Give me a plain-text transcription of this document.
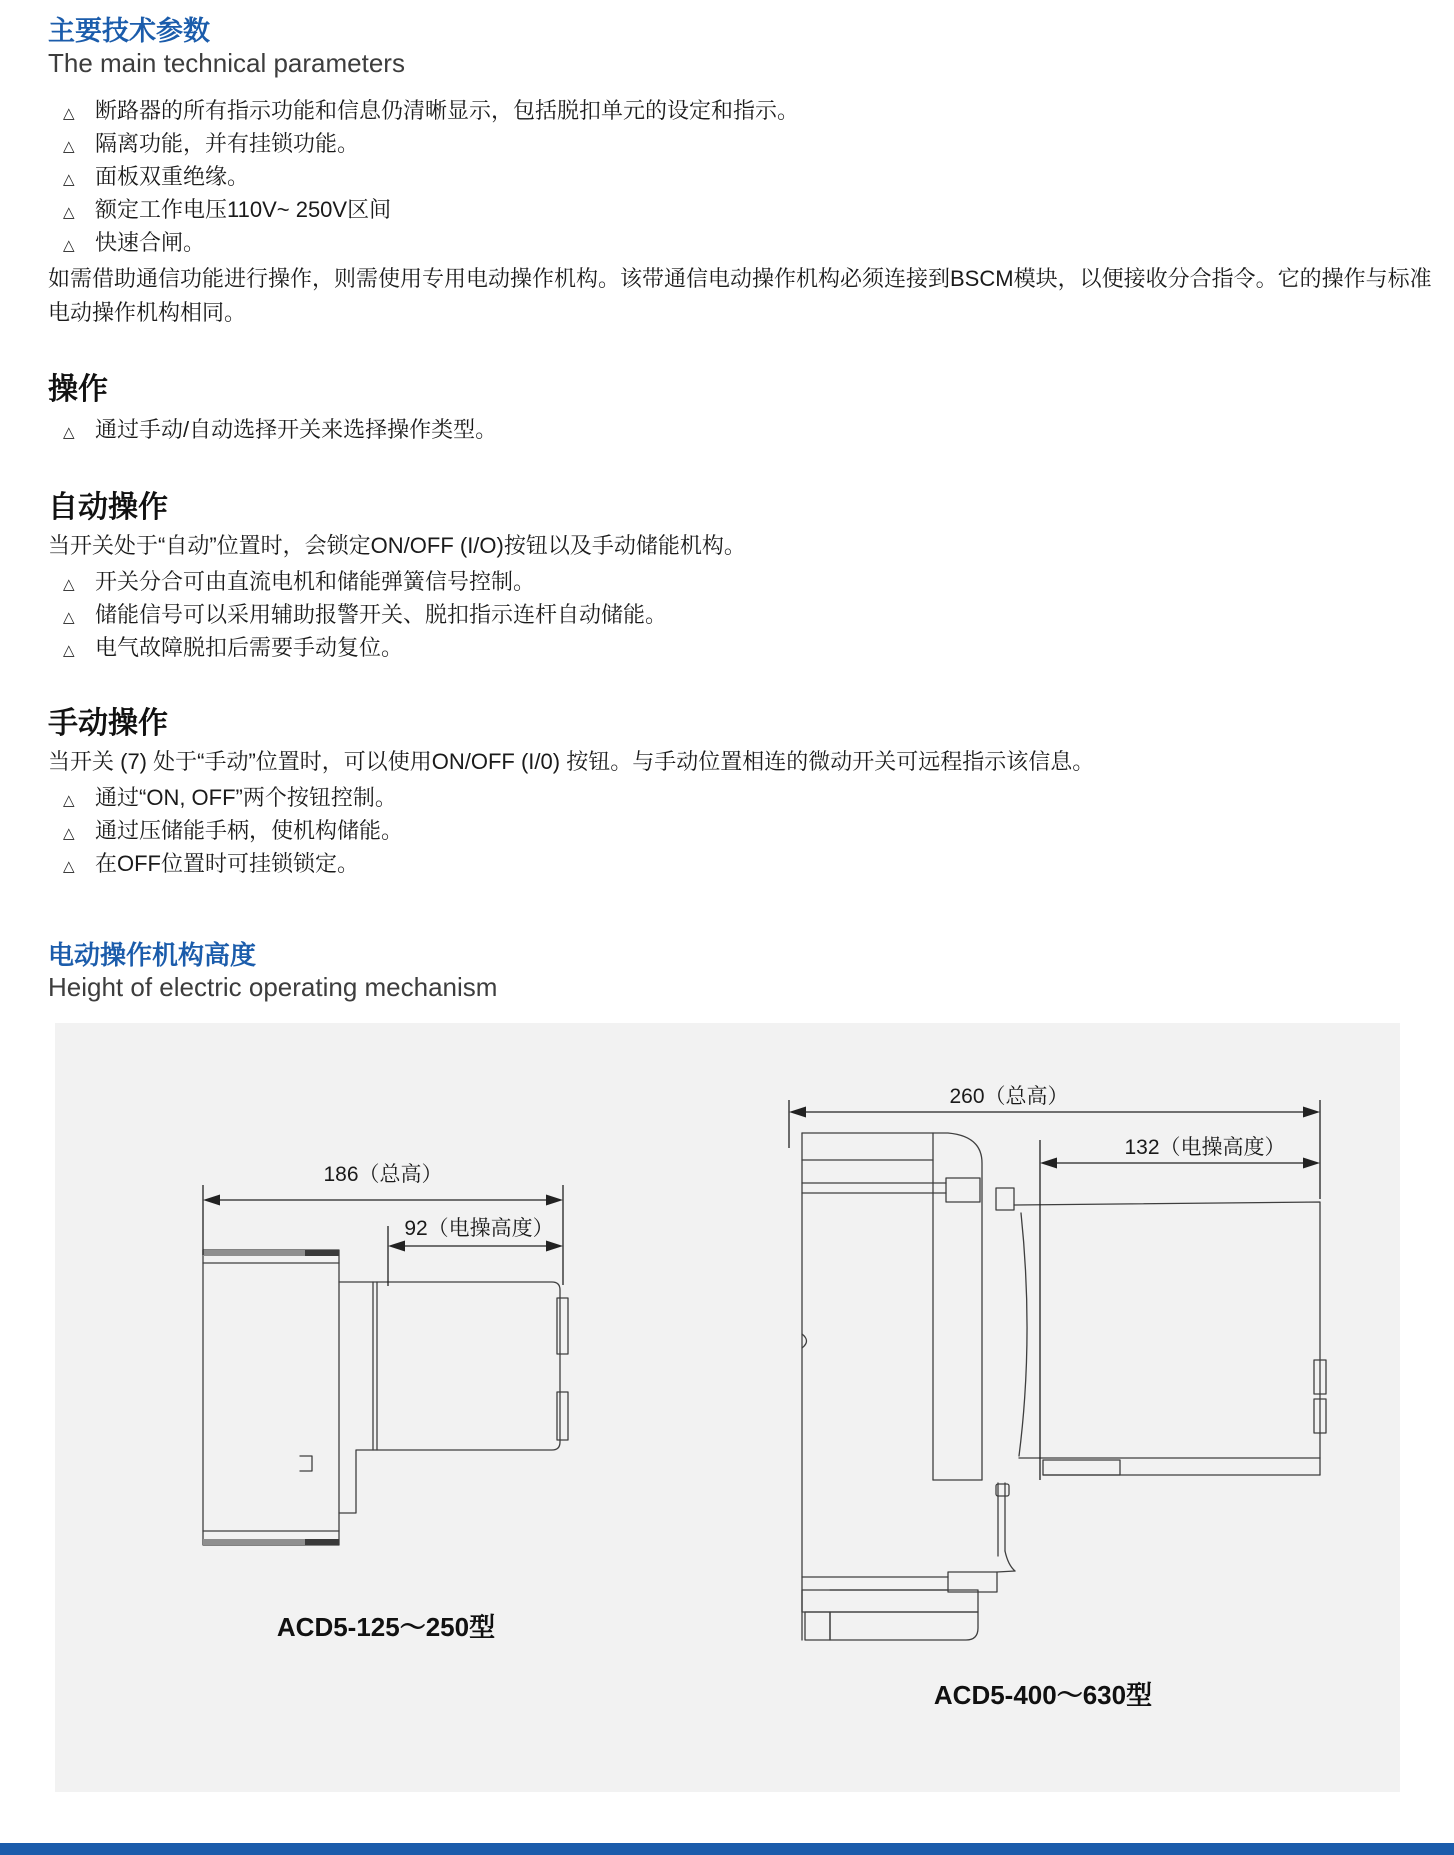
主要技术参数
The main technical parameters
△ 断路器的所有指示功能和信息仍清晰显示，包括脱扣单元的设定和指示。
△ 隔离功能，并有挂锁功能。
△ 面板双重绝缘。
△ 额定工作电压110V~ 250V区间
△ 快速合闸。

如需借助通信功能进行操作，则需使用专用电动操作机构。该带通信电动操作机构必须连接到BSCM模块，以便接收分合指令。它的操作与标准电动操作机构相同。

操作
△ 通过手动/自动选择开关来选择操作类型。
自动操作

当开关处于“自动”位置时，会锁定ON/OFF (I/O)按钮以及手动储能机构。

△ 开关分合可由直流电机和储能弹簧信号控制。
△ 储能信号可以采用辅助报警开关、脱扣指示连杆自动储能。
△ 电气故障脱扣后需要手动复位。
手动操作

当开关 (7) 处于“手动”位置时，可以使用ON/OFF (I/0) 按钮。与手动位置相连的微动开关可远程指示该信息。

△ 通过“ON, OFF”两个按钮控制。
△ 通过压储能手柄，使机构储能。
△ 在OFF位置时可挂锁锁定。
电动操作机构高度
Height of electric operating mechanism
186（总高）
92（电操高度）
ACD5-125～250型
260（总高）
132（电操高度）
ACD5-400～630型
